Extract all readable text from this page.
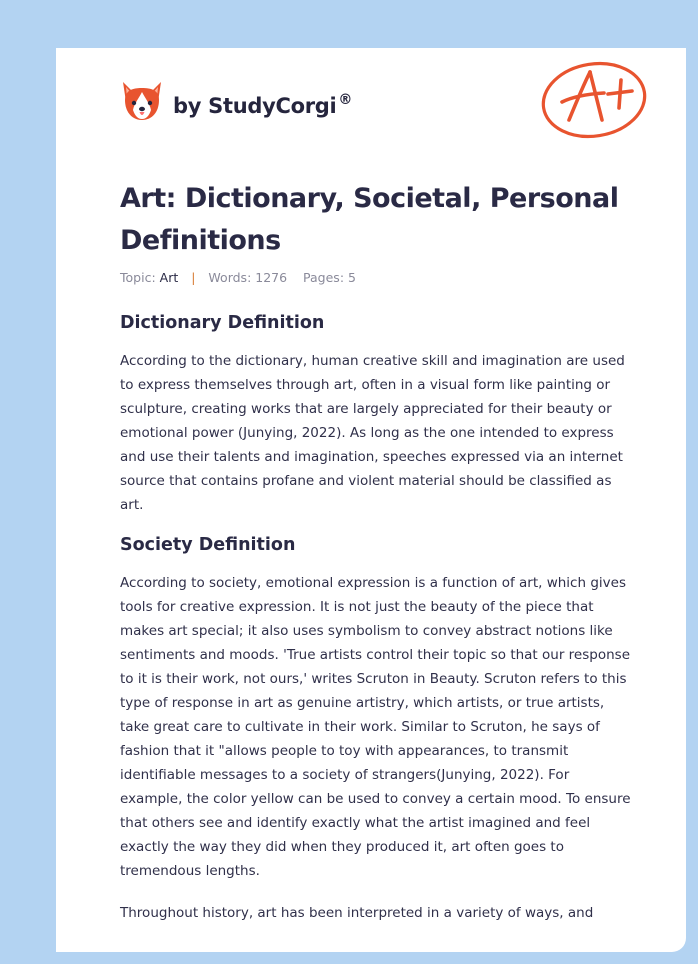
by StudyCorgi ®
Art: Dictionary, Societal, Personal Definitions
Topic: Art | Words: 1276 Pages: 5
Dictionary Definition

According to the dictionary, human creative skill and imagination are used to express themselves through art, often in a visual form like painting or sculpture, creating works that are largely appreciated for their beauty or emotional power (Junying, 2022). As long as the one intended to express and use their talents and imagination, speeches expressed via an internet source that contains profane and violent material should be classified as art.

Society Definition

According to society, emotional expression is a function of art, which gives tools for creative expression. It is not just the beauty of the piece that makes art special; it also uses symbolism to convey abstract notions like sentiments and moods. 'True artists control their topic so that our response to it is their work, not ours,' writes Scruton in Beauty. Scruton refers to this type of response in art as genuine artistry, which artists, or true artists, take great care to cultivate in their work. Similar to Scruton, he says of fashion that it "allows people to toy with appearances, to transmit identifiable messages to a society of strangers(Junying, 2022). For example, the color yellow can be used to convey a certain mood. To ensure that others see and identify exactly what the artist imagined and feel exactly the way they did when they produced it, art often goes to tremendous lengths.

Throughout history, art has been interpreted in a variety of ways, and
